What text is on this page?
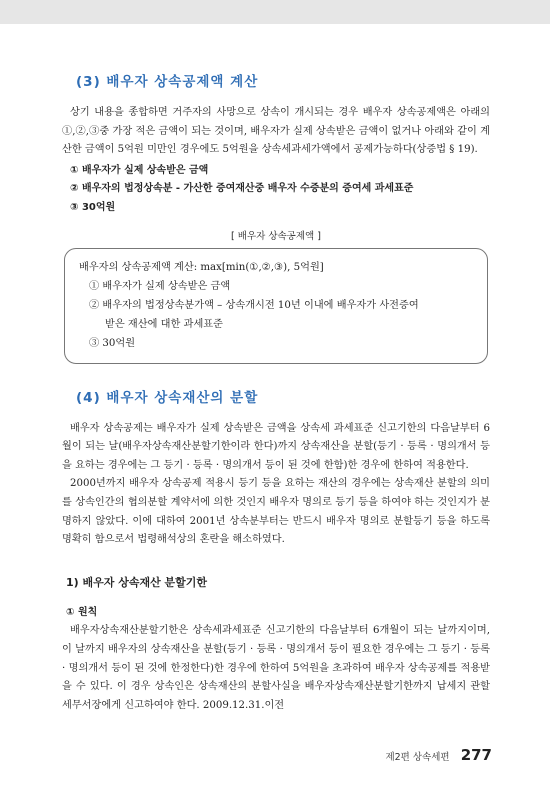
(3) 배우자 상속공제액 계산

상기 내용을 종합하면 거주자의 사망으로 상속이 개시되는 경우 배우자 상속공제액은 아래의 ①,②,③중 가장 적은 금액이 되는 것이며, 배우자가 실제 상속받은 금액이 없거나 아래와 같이 계산한 금액이 5억원 미만인 경우에도 5억원을 상속세과세가액에서 공제가능하다(상증법 § 19).

① 배우자가 실제 상속받은 금액
② 배우자의 법정상속분 - 가산한 증여재산중 배우자 수증분의 증여세 과세표준
③ 30억원
[ 배우자 상속공제액 ]
배우자의 상속공제액 계산: max[min(①,②,③), 5억원]
① 배우자가 실제 상속받은 금액
② 배우자의 법정상속분가액 – 상속개시전 10년 이내에 배우자가 사전증여
받은 재산에 대한 과세표준
③ 30억원
(4) 배우자 상속재산의 분할

배우자 상속공제는 배우자가 실제 상속받은 금액을 상속세 과세표준 신고기한의 다음날부터 6월이 되는 날(배우자상속재산분할기한이라 한다)까지 상속재산을 분할(등기 · 등록 · 명의개서 등을 요하는 경우에는 그 등기 · 등록 · 명의개서 등이 된 것에 한함)한 경우에 한하여 적용한다.

2000년까지 배우자 상속공제 적용시 등기 등을 요하는 재산의 경우에는 상속재산 분할의 의미를 상속인간의 협의분할 계약서에 의한 것인지 배우자 명의로 등기 등을 하여야 하는 것인지가 분명하지 않았다. 이에 대하여 2001년 상속분부터는 반드시 배우자 명의로 분할등기 등을 하도록 명확히 함으로서 법령해석상의 혼란을 해소하였다.

1) 배우자 상속재산 분할기한
① 원칙

배우자상속재산분할기한은 상속세과세표준 신고기한의 다음날부터 6개월이 되는 날까지이며, 이 날까지 배우자의 상속재산을 분할(등기 · 등록 · 명의개서 등이 필요한 경우에는 그 등기 · 등록 · 명의개서 등이 된 것에 한정한다)한 경우에 한하여 5억원을 초과하여 배우자 상속공제를 적용받을 수 있다. 이 경우 상속인은 상속재산의 분할사실을 배우자상속재산분할기한까지 납세지 관할세무서장에게 신고하여야 한다. 2009.12.31.이전

제2편 상속세편 277
